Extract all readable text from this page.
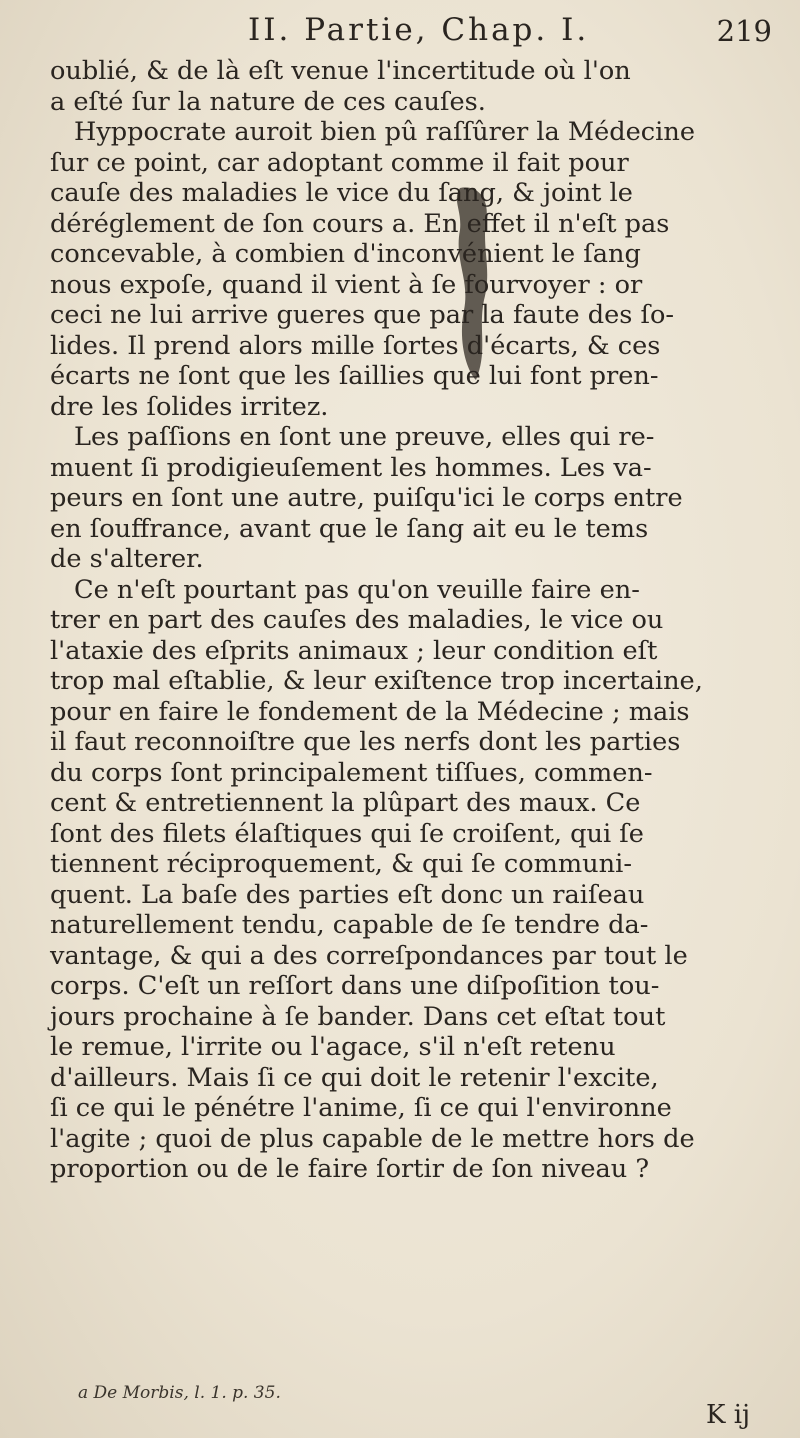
II. Partie, Chap. I.	219
oublié, & de là eſt venue l'incertitude où l'on
a eſté ſur la nature de ces cauſes.
Hyppocrate auroit bien pû raſſûrer la Médecine
ſur ce point, car adoptant comme il fait pour
cauſe des maladies le vice du ſang, & joint le
déréglement de ſon cours a. En effet il n'eſt pas
concevable, à combien d'inconvénient le ſang
nous expoſe, quand il vient à ſe fourvoyer : or
ceci ne lui arrive gueres que par la faute des ſo-
lides. Il prend alors mille ſortes d'écarts, & ces
écarts ne ſont que les ſaillies que lui font pren-
dre les ſolides irritez.
Les paſſions en ſont une preuve, elles qui re-
muent ſi prodigieuſement les hommes. Les va-
peurs en ſont une autre, puiſqu'ici le corps entre
en ſouffrance, avant que le ſang ait eu le tems
de s'alterer.
Ce n'eſt pourtant pas qu'on veuille faire en-
trer en part des cauſes des maladies, le vice ou
l'ataxie des eſprits animaux ; leur condition eſt
trop mal eſtablie, & leur exiſtence trop incertaine,
pour en faire le fondement de la Médecine ; mais
il faut reconnoiſtre que les nerfs dont les parties
du corps ſont principalement tiſſues, commen-
cent & entretiennent la plûpart des maux. Ce
ſont des filets élaſtiques qui ſe croiſent, qui ſe
tiennent réciproquement, & qui ſe communi-
quent. La baſe des parties eſt donc un raiſeau
naturellement tendu, capable de ſe tendre da-
vantage, & qui a des correſpondances par tout le
corps. C'eſt un reſſort dans une diſpoſition tou-
jours prochaine à ſe bander. Dans cet eſtat tout
le remue, l'irrite ou l'agace, s'il n'eſt retenu
d'ailleurs. Mais ſi ce qui doit le retenir l'excite,
ſi ce qui le pénétre l'anime, ſi ce qui l'environne
l'agite ; quoi de plus capable de le mettre hors de
proportion ou de le faire ſortir de ſon niveau ?
a De Morbis, l. 1. p. 35.
K ij
